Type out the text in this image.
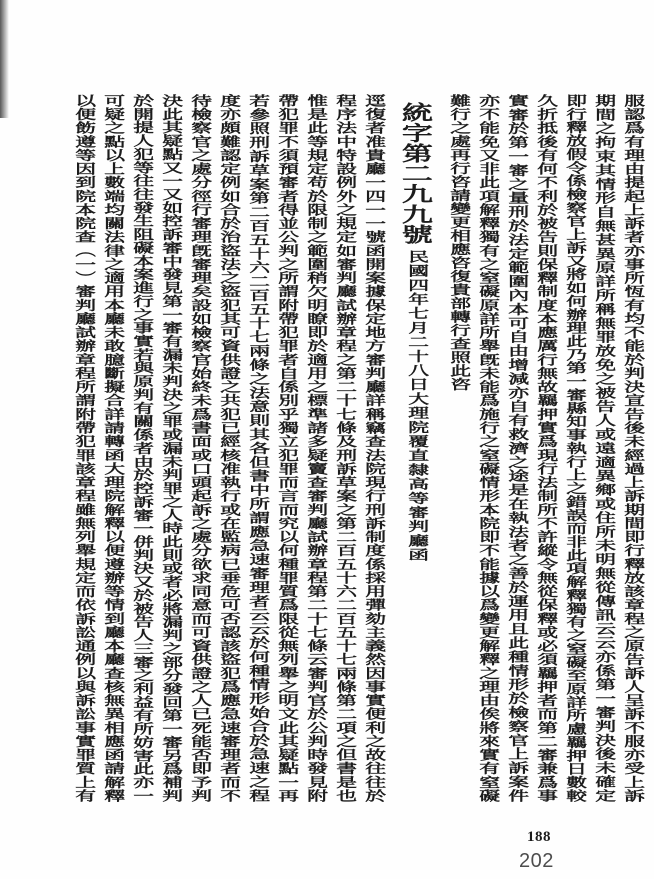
服認爲有理由提起上訴者亦事所恆有均不能於判決宣告後未經過上訴期間即行釋放該章程之原告訴人呈訴不服亦受上訴
期間之拘束其情形自無甚異原詳所稱無罪放免之被告人或遠適異鄉或住所未明無從傳訊云云亦係第一審判決後未確定
即行釋放假令係檢察官上訴又將如何辦理此乃第一審縣知事執行上之錯誤而非此項解釋獨有之窒礙至原詳所慮羈押日數較
久折抵後有何不利於被告則保釋制度本應厲行無故羈押實爲現行法制所不許縱令無從保釋或必須羈押者而第二審兼爲事
實審於第一審之量刑於法定範圍內本可自由增減亦自有救濟之途是在執法者之善於運用且此種情形於檢察官上訴案件
亦不能免又非此項解釋獨有之窒礙原詳所舉旣未能爲施行之窒礙情形本院即不能據以爲變更解釋之理由俟將來實有窒礙
難行之處再行咨請變更相應咨復貴部轉行查照此咨
統字第二九九號
民國四年七月二十八日大理院覆直隸高等審判廳函
逕復者准貴廳一四一一號函開案據保定地方審判廳詳稱竊查法院現行刑訴制度係採用彈劾主義然因事實便利之故往往於
程序法中特設例外之規定如審判廳試辦章程之第二十七條及刑訴草案之第二百五十六二百五十七兩條第二項之但書是也
惟是此等規定苟於限制之範圍稍欠明瞭即於適用之標準諸多疑竇查審判廳試辦章程第二十七條云審判官於公判時發見附
帶犯罪不須預審者得並公判之所謂附帶犯罪者自係別乎獨立犯罪而言而究以何種罪質爲限從無列舉之明文此其疑點一再
若參照刑訴草案第二百五十六二百五十七兩條之法意則其各但書中所謂應急速審理者云云於何種情形始合於急速之程
度亦頗難認定例如合於治盜法之盜犯其可資供證之共犯已經核准執行或在監病已垂危可否認該盜犯爲應急速審理者而不
待檢察官之處分徑行審理旣審理矣設如檢察官始終未爲書面或口頭起訴之處分欲求同意而可資供證之人已死能否即予判
決此其疑點又一又如控訴審中發見第一審有漏未判決之罪或漏未判罪之人時此則或者必將漏判之部分發回第一審另爲補判
於開提人犯等往往發生阻礙本案進行之事實若與原判有關係者由於控訴審一併判決又於被告人三審之利益有所妨害此亦一
可疑之點以上數端均關法律之適用本廳未敢臆斷擬合詳請轉函大理院解釋以便遵辦等情到廳本廳查核無異相應函請解釋
以便飭遵等因到院本院查（一）審判廳試辦章程所謂附帶犯罪該章程雖無列舉規定而依訴訟通例以與訴訟事實罪質上有
188
202
